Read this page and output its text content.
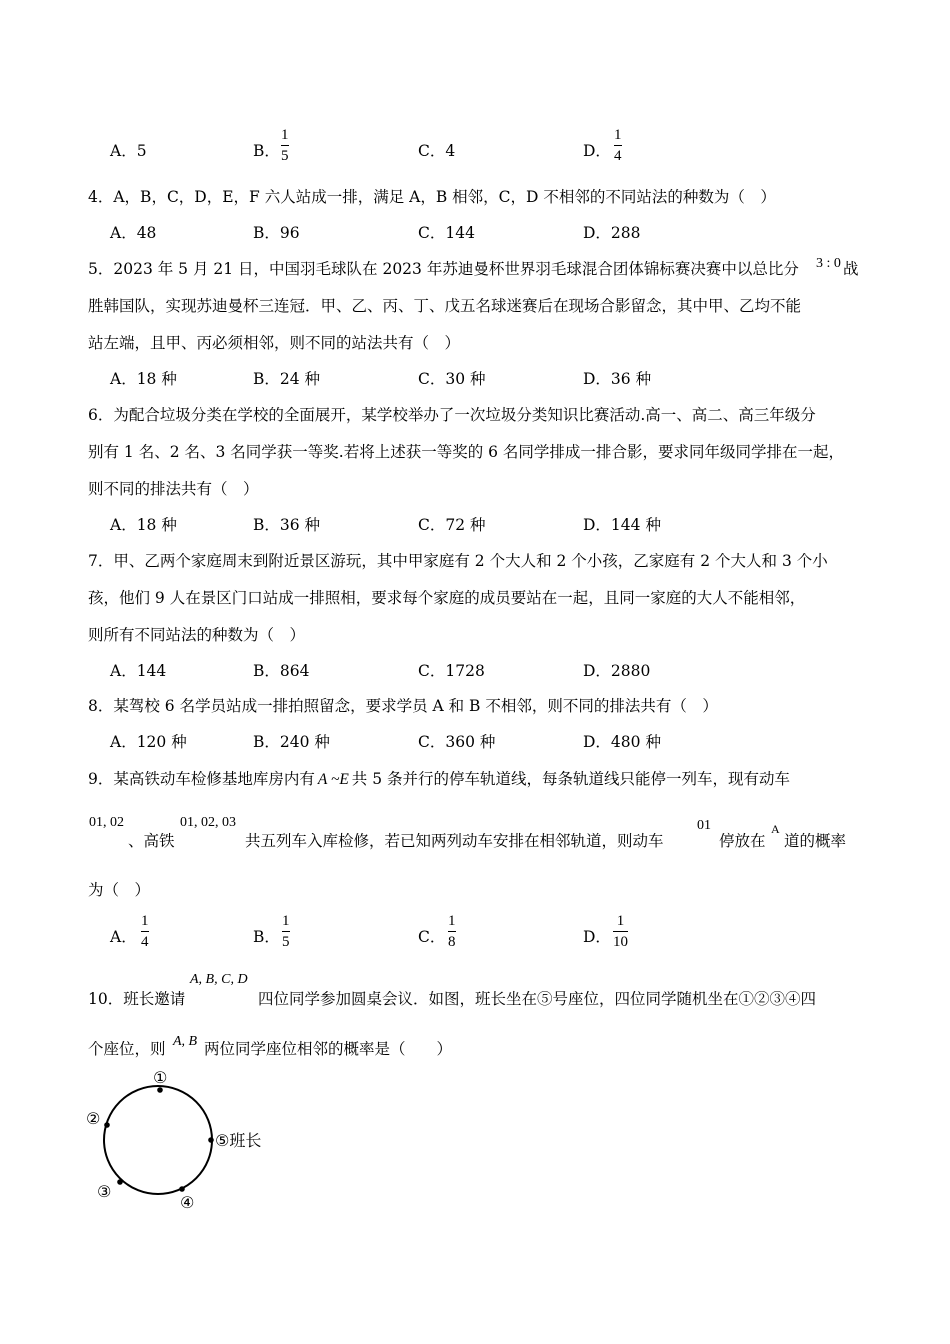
A．5	B．
1
5	C．4	D．
1
4
4．A，B，C，D，E，F 六人站成一排，满足 A，B 相邻，C，D 不相邻的不同站法的种数为（　）
A．48	B．96	C．144	D．288
5．2023 年 5 月 21 日，中国羽毛球队在 2023 年苏迪曼杯世界羽毛球混合团体锦标赛决赛中以总比分 3 : 0 战
胜韩国队，实现苏迪曼杯三连冠．甲、乙、丙、丁、戊五名球迷赛后在现场合影留念，其中甲、乙均不能
站左端，且甲、丙必须相邻，则不同的站法共有（　）
A．18 种	B．24 种	C．30 种	D．36 种
6．为配合垃圾分类在学校的全面展开，某学校举办了一次垃圾分类知识比赛活动.高一、高二、高三年级分
别有 1 名、2 名、3 名同学获一等奖.若将上述获一等奖的 6 名同学排成一排合影，要求同年级同学排在一起，
则不同的排法共有（　）
A．18 种	B．36 种	C．72 种	D．144 种
7．甲、乙两个家庭周末到附近景区游玩，其中甲家庭有 2 个大人和 2 个小孩，乙家庭有 2 个大人和 3 个小
孩，他们 9 人在景区门口站成一排照相，要求每个家庭的成员要站在一起，且同一家庭的大人不能相邻，
则所有不同站法的种数为（　）
A．144	B．864	C．1728	D．2880
8．某驾校 6 名学员站成一排拍照留念，要求学员 A 和 B 不相邻，则不同的排法共有（　）
A．120 种	B．240 种	C．360 种	D．480 种
9．某高铁动车检修基地库房内有 A ~E 共 5 条并行的停车轨道线，每条轨道线只能停一列车，现有动车
01, 02
、高铁
01, 02, 03
共五列车入库检修，若已知两列动车安排在相邻轨道，则动车
01
停放在
A
道的概率
为（　）
A．
1
4	B．
1
5	C．
1
8	D．
1
10
10．班长邀请
A, B, C, D
四位同学参加圆桌会议．如图，班长坐在⑤号座位，四位同学随机坐在①②③④四
个座位，则 A, B 两位同学座位相邻的概率是（　　）
①
②
③
④
⑤班长
